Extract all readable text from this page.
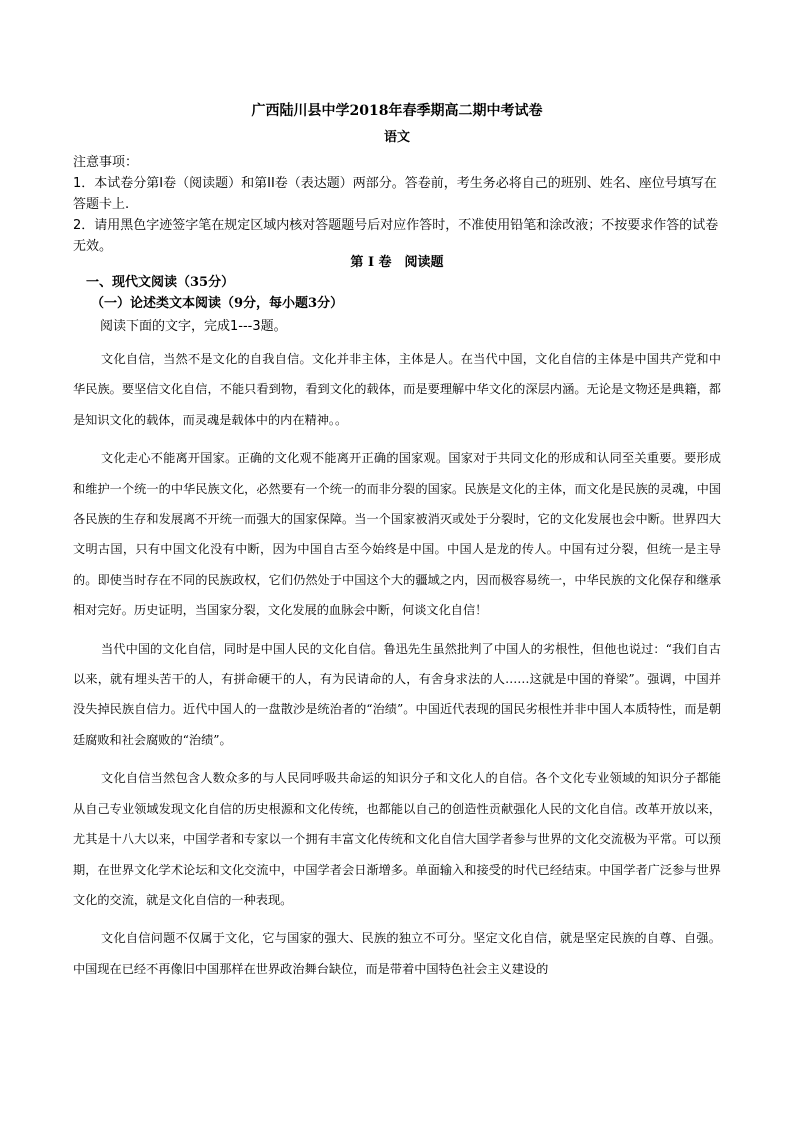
广西陆川县中学2018年春季期高二期中考试卷
语文

注意事项：

1．本试卷分第Ⅰ卷（阅读题）和第II卷（表达题）两部分。答卷前，考生务必将自己的班别、姓名、座位号填写在答题卡上.

2．请用黑色字迹签字笔在规定区域内核对答题题号后对应作答时，不准使用铅笔和涂改液；不按要求作答的试卷无效。

第 I 卷　阅读题
一、现代文阅读（35分）
（一）论述类文本阅读（9分，每小题3分）
阅读下面的文字，完成1---3题。

文化自信，当然不是文化的自我自信。文化并非主体，主体是人。在当代中国，文化自信的主体是中国共产党和中华民族。要坚信文化自信，不能只看到物，看到文化的载体，而是要理解中华文化的深层内涵。无论是文物还是典籍，都是知识文化的载体，而灵魂是载体中的内在精神。。

文化走心不能离开国家。正确的文化观不能离开正确的国家观。国家对于共同文化的形成和认同至关重要。要形成和维护一个统一的中华民族文化，必然要有一个统一的而非分裂的国家。民族是文化的主体，而文化是民族的灵魂，中国各民族的生存和发展离不开统一而强大的国家保障。当一个国家被消灭或处于分裂时，它的文化发展也会中断。世界四大文明古国，只有中国文化没有中断，因为中国自古至今始终是中国。中国人是龙的传人。中国有过分裂，但统一是主导的。即使当时存在不同的民族政权，它们仍然处于中国这个大的疆域之内，因而极容易统一，中华民族的文化保存和继承相对完好。历史证明，当国家分裂，文化发展的血脉会中断，何谈文化自信！

当代中国的文化自信，同时是中国人民的文化自信。鲁迅先生虽然批判了中国人的劣根性，但他也说过：“我们自古以来，就有埋头苦干的人，有拼命硬干的人，有为民请命的人，有舍身求法的人……这就是中国的脊梁”。强调，中国并没失掉民族自信力。近代中国人的一盘散沙是统治者的“治绩”。中国近代表现的国民劣根性并非中国人本质特性，而是朝廷腐败和社会腐败的“治绩”。

文化自信当然包含人数众多的与人民同呼吸共命运的知识分子和文化人的自信。各个文化专业领域的知识分子都能从自己专业领域发现文化自信的历史根源和文化传统，也都能以自己的创造性贡献强化人民的文化自信。改革开放以来，尤其是十八大以来，中国学者和专家以一个拥有丰富文化传统和文化自信大国学者参与世界的文化交流极为平常。可以预期，在世界文化学术论坛和文化交流中，中国学者会日渐增多。单面输入和接受的时代已经结束。中国学者广泛参与世界文化的交流，就是文化自信的一种表现。

文化自信问题不仅属于文化，它与国家的强大、民族的独立不可分。坚定文化自信，就是坚定民族的自尊、自强。中国现在已经不再像旧中国那样在世界政治舞台缺位，而是带着中国特色社会主义建设的
